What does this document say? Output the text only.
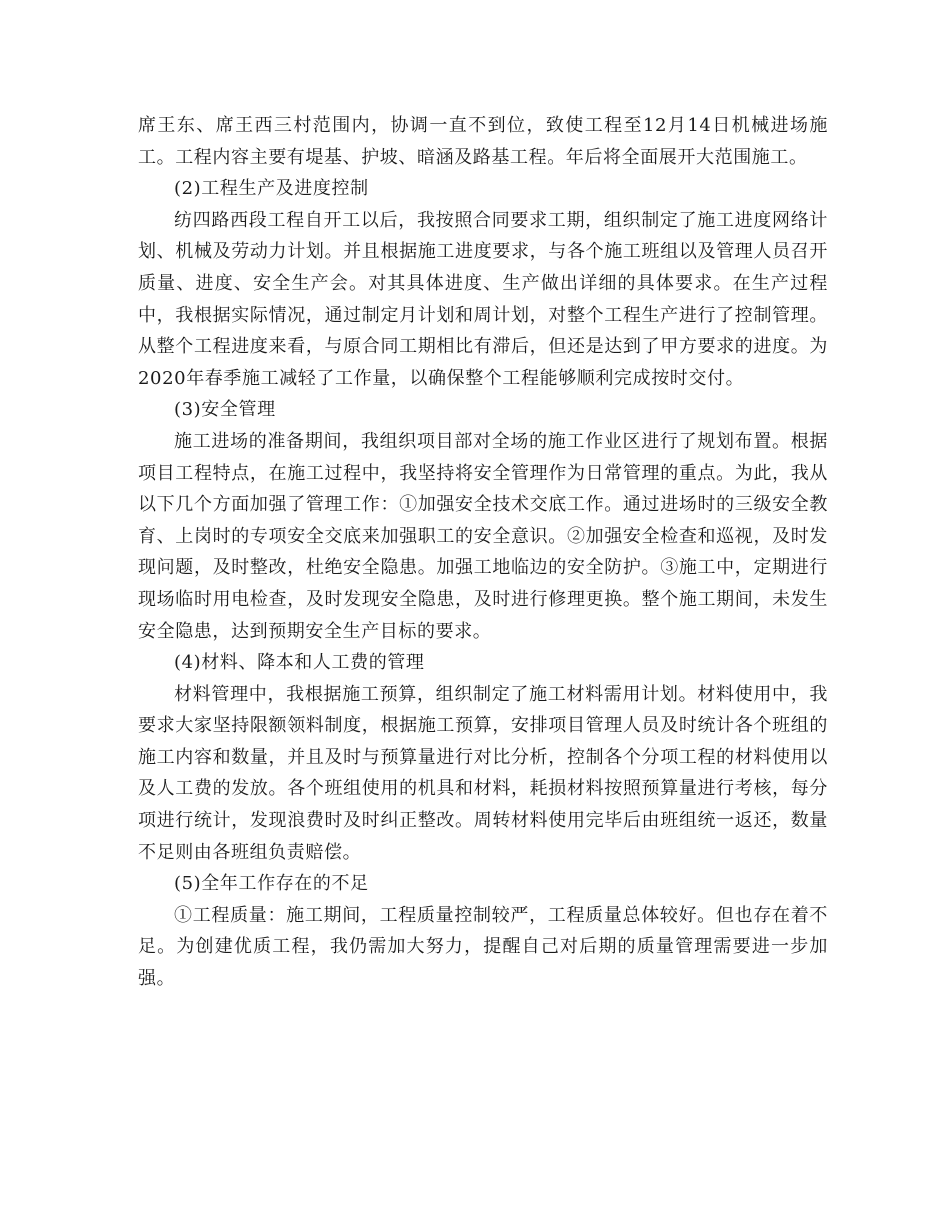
席王东、席王西三村范围内，协调一直不到位，致使工程至12月14日机械进场施工。工程内容主要有堤基、护坡、暗涵及路基工程。年后将全面展开大范围施工。

(2)工程生产及进度控制

纺四路西段工程自开工以后，我按照合同要求工期，组织制定了施工进度网络计划、机械及劳动力计划。并且根据施工进度要求，与各个施工班组以及管理人员召开质量、进度、安全生产会。对其具体进度、生产做出详细的具体要求。在生产过程中，我根据实际情况，通过制定月计划和周计划，对整个工程生产进行了控制管理。从整个工程进度来看，与原合同工期相比有滞后，但还是达到了甲方要求的进度。为2020年春季施工减轻了工作量，以确保整个工程能够顺利完成按时交付。

(3)安全管理

施工进场的准备期间，我组织项目部对全场的施工作业区进行了规划布置。根据项目工程特点，在施工过程中，我坚持将安全管理作为日常管理的重点。为此，我从以下几个方面加强了管理工作：①加强安全技术交底工作。通过进场时的三级安全教育、上岗时的专项安全交底来加强职工的安全意识。②加强安全检查和巡视，及时发现问题，及时整改，杜绝安全隐患。加强工地临边的安全防护。③施工中，定期进行现场临时用电检查，及时发现安全隐患，及时进行修理更换。整个施工期间，未发生安全隐患，达到预期安全生产目标的要求。

(4)材料、降本和人工费的管理

材料管理中，我根据施工预算，组织制定了施工材料需用计划。材料使用中，我要求大家坚持限额领料制度，根据施工预算，安排项目管理人员及时统计各个班组的施工内容和数量，并且及时与预算量进行对比分析，控制各个分项工程的材料使用以及人工费的发放。各个班组使用的机具和材料，耗损材料按照预算量进行考核，每分项进行统计，发现浪费时及时纠正整改。周转材料使用完毕后由班组统一返还，数量不足则由各班组负责赔偿。

(5)全年工作存在的不足

①工程质量：施工期间，工程质量控制较严，工程质量总体较好。但也存在着不足。为创建优质工程，我仍需加大努力，提醒自己对后期的质量管理需要进一步加强。
